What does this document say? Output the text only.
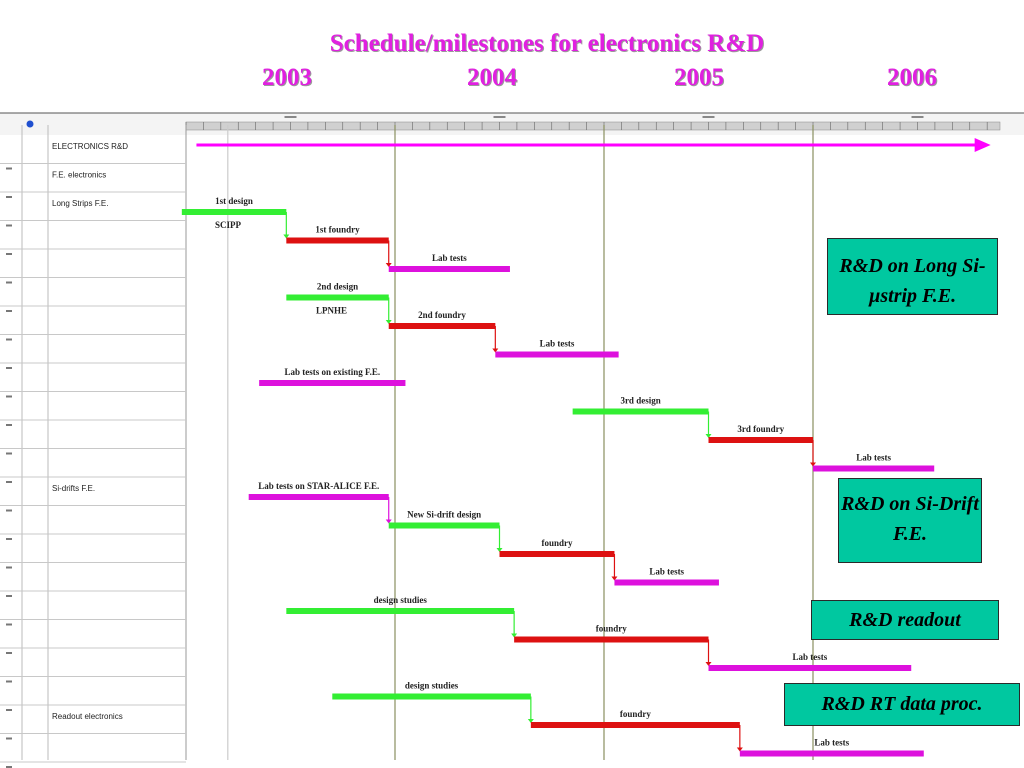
Schedule/milestones for electronics R&D
2003	2004	2005	2006
ELECTRONICS R&D
F.E. electronics
Long Strips F.E.
Si-drifts F.E.
Readout electronics
1st design
SCIPP	1st foundry
Lab tests
2nd design
LPNHE	2nd foundry
Lab tests
Lab tests on existing F.E.
3rd design
3rd foundry
Lab tests
Lab tests on STAR-ALICE F.E.
New Si-drift design
foundry
Lab tests
design studies
foundry
Lab tests
design studies
foundry
Lab tests
R&D on Long Si-µstrip F.E.
R&D on Si-Drift F.E.
R&D readout
R&D RT data proc.
